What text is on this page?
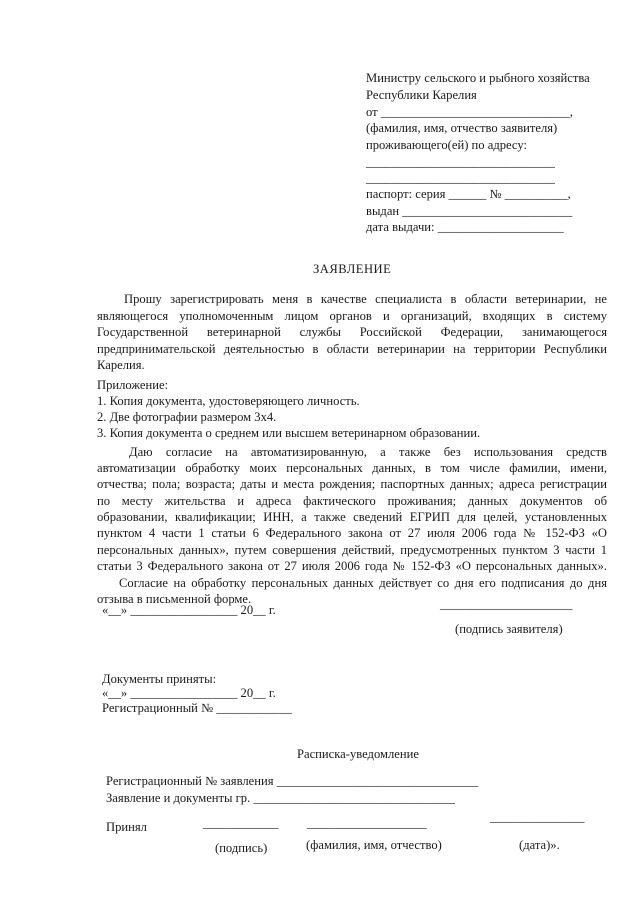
Министру сельского и рыбного хозяйства
Республики Карелия
от ______________________________,
(фамилия, имя, отчество заявителя)
проживающего(ей) по адресу:
______________________________
______________________________
паспорт: серия ______ № __________,
выдан ___________________________
дата выдачи: ____________________
ЗАЯВЛЕНИЕ
Прошу зарегистрировать меня в качестве специалиста в области ветеринарии, не
являющегося уполномоченным лицом органов и организаций, входящих в систему
Государственной ветеринарной службы Российской Федерации, занимающегося
предпринимательской деятельностью в области ветеринарии на территории Республики
Карелия.
Приложение:
1. Копия документа, удостоверяющего личность.
2. Две фотографии размером 3х4.
3. Копия документа о среднем или высшем ветеринарном образовании.
Даю согласие на автоматизированную, а также без использования средств
автоматизации обработку моих персональных данных, в том числе фамилии, имени,
отчества; пола; возраста; даты и места рождения; паспортных данных; адреса регистрации
по месту жительства и адреса фактического проживания; данных документов об
образовании, квалификации; ИНН, а также сведений ЕГРИП для целей, установленных
пунктом 4 части 1 статьи 6 Федерального закона от 27 июля 2006 года № 152-ФЗ «О
персональных данных», путем совершения действий, предусмотренных пунктом 3 части 1
статьи 3 Федерального закона от 27 июля 2006 года № 152-ФЗ «О персональных данных».
Согласие на обработку персональных данных действует со дня его подписания до дня
отзыва в письменной форме.
«__» _________________ 20__ г.	_____________________
(подпись заявителя)
Документы приняты:
«__» _________________ 20__ г.
Регистрационный № ____________
Расписка-уведомление
Регистрационный № заявления ________________________________
Заявление и документы гр. ________________________________
Принял	____________ ___________________	_______________
(подпись)	(фамилия, имя, отчество)	(дата)».
